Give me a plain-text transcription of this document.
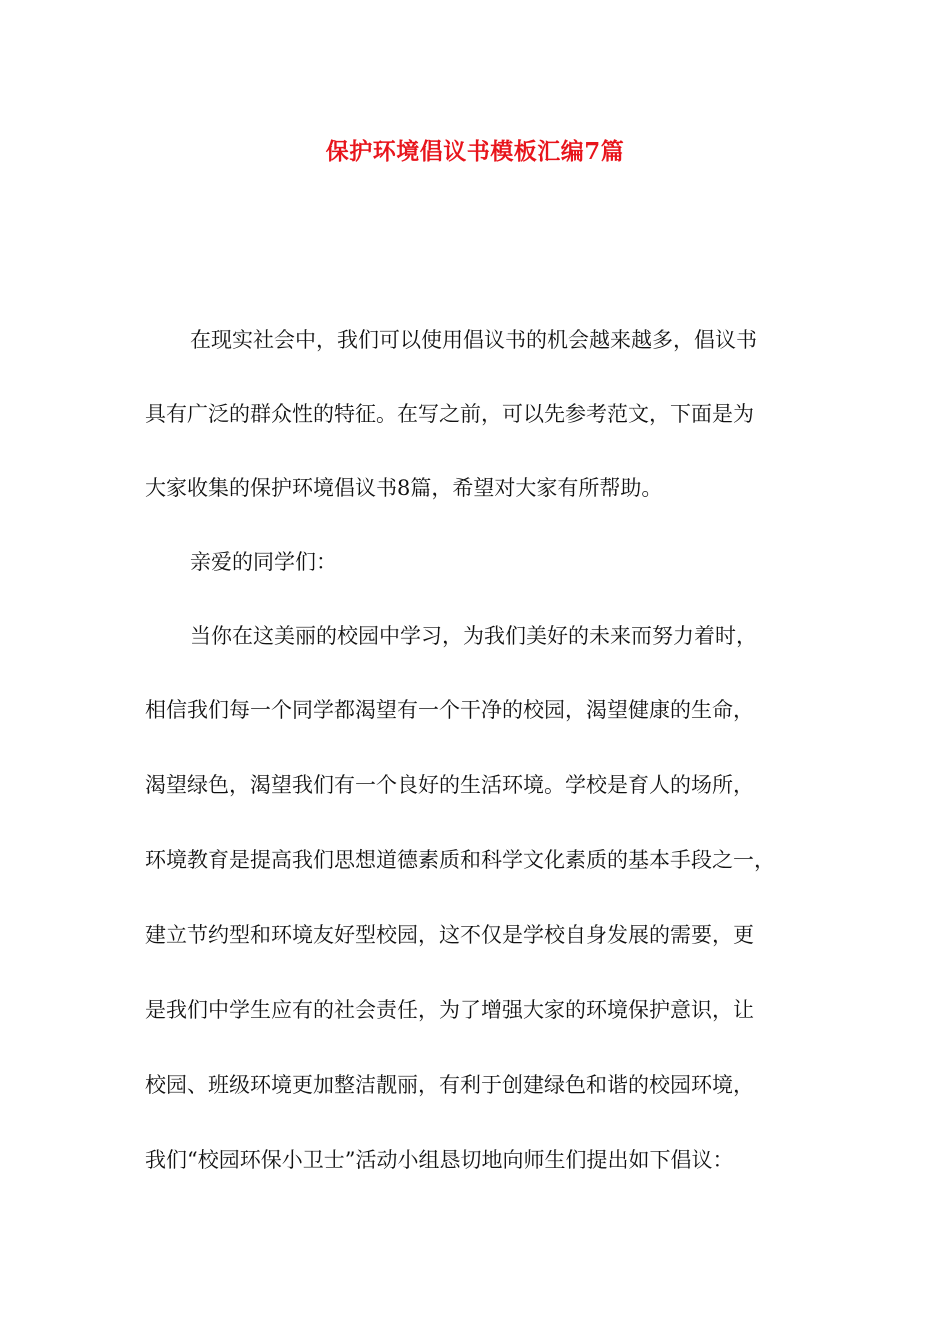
保护环境倡议书模板汇编7篇
在现实社会中，我们可以使用倡议书的机会越来越多，倡议书
具有广泛的群众性的特征。在写之前，可以先参考范文，下面是为
大家收集的保护环境倡议书8篇，希望对大家有所帮助。
亲爱的同学们：
当你在这美丽的校园中学习，为我们美好的未来而努力着时，
相信我们每一个同学都渴望有一个干净的校园，渴望健康的生命，
渴望绿色，渴望我们有一个良好的生活环境。学校是育人的场所，
环境教育是提高我们思想道德素质和科学文化素质的基本手段之一，
建立节约型和环境友好型校园，这不仅是学校自身发展的需要，更
是我们中学生应有的社会责任，为了增强大家的环境保护意识，让
校园、班级环境更加整洁靓丽，有利于创建绿色和谐的校园环境，
我们“校园环保小卫士”活动小组恳切地向师生们提出如下倡议：
